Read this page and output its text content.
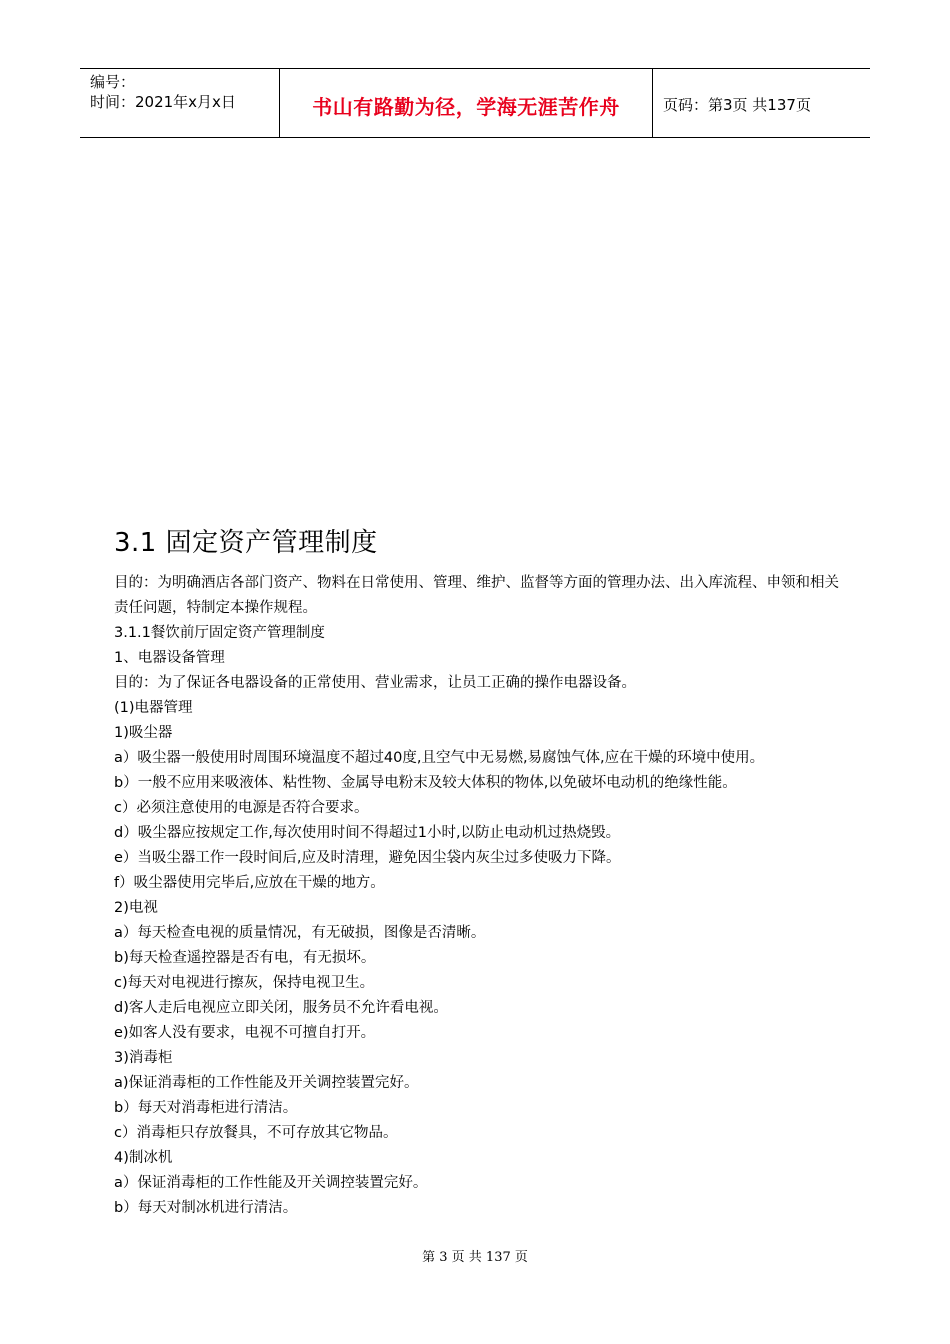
编号：
时间：2021年x月x日	书山有路勤为径，学海无涯苦作舟	页码：第3页 共137页
3.1 固定资产管理制度

目的：为明确酒店各部门资产、物料在日常使用、管理、维护、监督等方面的管理办法、出入库流程、申领和相关责任问题，特制定本操作规程。

3.1.1餐饮前厅固定资产管理制度

1、电器设备管理

目的：为了保证各电器设备的正常使用、营业需求，让员工正确的操作电器设备。

(1)电器管理

1)吸尘器

a）吸尘器一般使用时周围环境温度不超过40度,且空气中无易燃,易腐蚀气体,应在干燥的环境中使用。

b）一般不应用来吸液体、粘性物、金属导电粉末及较大体积的物体,以免破坏电动机的绝缘性能。

c）必须注意使用的电源是否符合要求。

d）吸尘器应按规定工作,每次使用时间不得超过1小时,以防止电动机过热烧毁。

e）当吸尘器工作一段时间后,应及时清理，避免因尘袋内灰尘过多使吸力下降。

f）吸尘器使用完毕后,应放在干燥的地方。

2)电视

a）每天检查电视的质量情况，有无破损，图像是否清晰。

b)每天检查遥控器是否有电，有无损坏。

c)每天对电视进行擦灰，保持电视卫生。

d)客人走后电视应立即关闭，服务员不允许看电视。

e)如客人没有要求，电视不可擅自打开。

3)消毒柜

a)保证消毒柜的工作性能及开关调控装置完好。

b）每天对消毒柜进行清洁。

c）消毒柜只存放餐具，不可存放其它物品。

4)制冰机

a）保证消毒柜的工作性能及开关调控装置完好。

b）每天对制冰机进行清洁。

第 3 页 共 137 页
